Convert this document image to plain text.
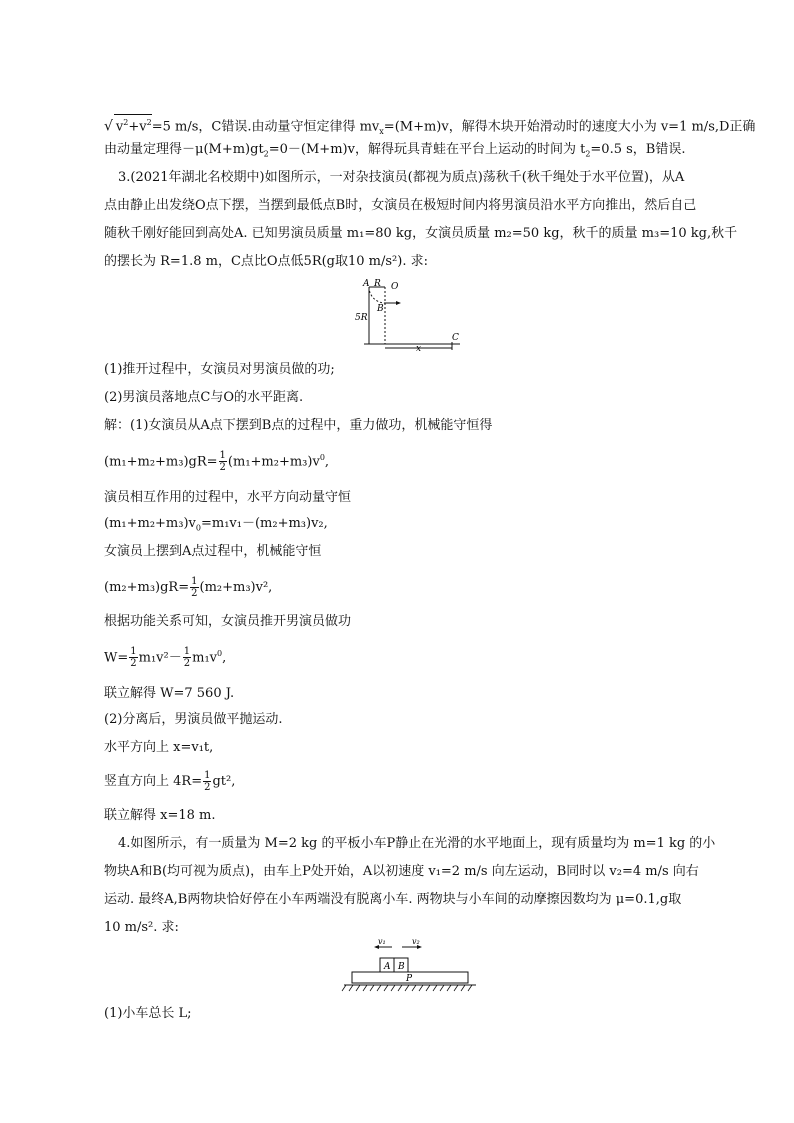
√ $v^2+v^2=5$ m/s，C错误.由动量守恒定律得 $mv_x=(M+m)v$，解得木块开始滑动时的速度大小为 v=1 m/s,D正确
由动量定理得$-\mu(M+m)gt_2=0-(M+m)v$，解得玩具青蛙在平台上运动的时间为 $t_2=0.5$ s，B错误.
3.(2021年湖北名校期中)如图所示，一对杂技演员(都视为质点)荡秋千(秋千绳处于水平位置)，从A
点由静止出发绕O点下摆，当摆到最低点B时，女演员在极短时间内将男演员沿水平方向推出，然后自己
随秋千刚好能回到高处A. 已知男演员质量 m₁=80 kg，女演员质量 m₂=50 kg，秋千的质量 m₃=10 kg,秋千
的摆长为 R=1.8 m，C点比O点低5R(g取10 m/s²). 求:
A R O
B
5R
C
x
(1)推开过程中，女演员对男演员做的功;
(2)男演员落地点C与O的水平距离.
解：(1)女演员从A点下摆到B点的过程中，重力做功，机械能守恒得
$(m_1+m_2+m_3)gR= \frac{1}{2} (m_1+m_2+m_3)v^0$,
演员相互作用的过程中，水平方向动量守恒
$(m_1+m_2+m_3)v_0=m_1v_1-(m_2+m_3)v_2$,
女演员上摆到A点过程中，机械能守恒
$(m_2+m_3)gR= \frac{1}{2} (m_2+m_3)v^2$,
根据功能关系可知，女演员推开男演员做功
$W= \frac{1}{2} m_1v^2- \frac{1}{2} m_1v^0$,
联立解得 W=7 560 J.
(2)分离后，男演员做平抛运动.
水平方向上 x=v₁t,
竖直方向上 $4R= \frac{1}{2} gt^2$,
联立解得 x=18 m.
4.如图所示，有一质量为 M=2 kg 的平板小车P静止在光滑的水平地面上，现有质量均为 m=1 kg 的小
物块A和B(均可视为质点)，由车上P处开始，A以初速度 v₁=2 m/s 向左运动，B同时以 v₂=4 m/s 向右
运动. 最终A,B两物块恰好停在小车两端没有脱离小车. 两物块与小车间的动摩擦因数均为 μ=0.1,g取
10 m/s². 求:
v₁	v₂
A B
P
(1)小车总长 L;
